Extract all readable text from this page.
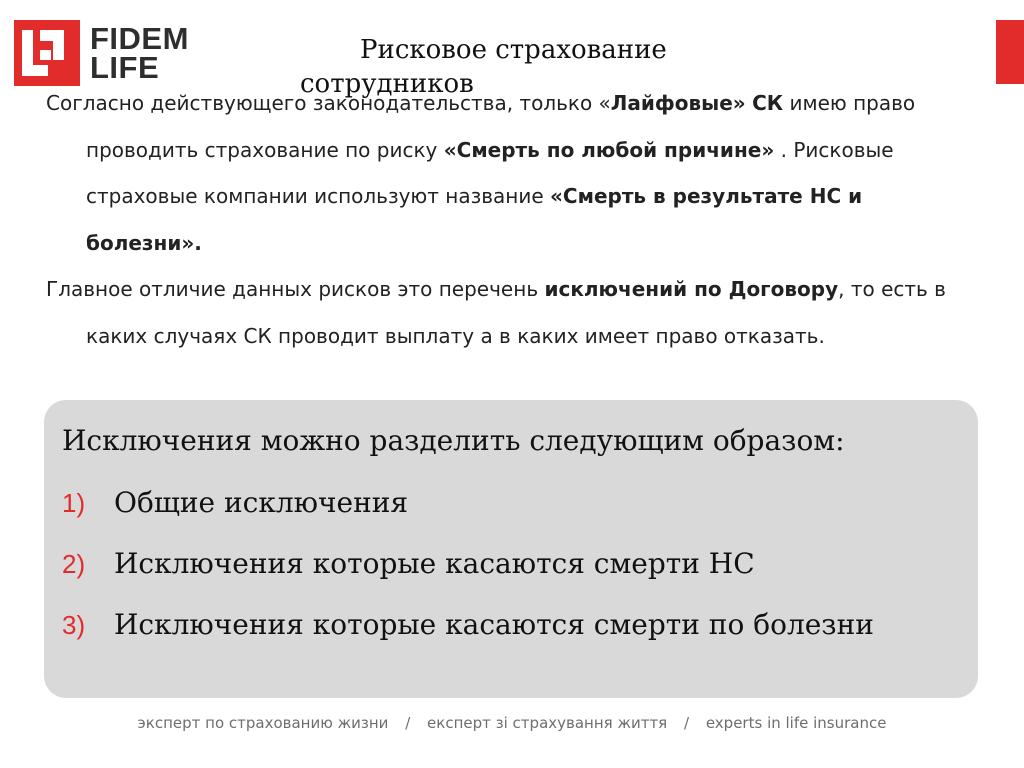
FIDEM
LIFE	Рисковое страхование
сотрудников

Согласно действующего законодательства, только «Лайфовые» СК имею право проводить страхование по риску «Смерть по любой причине» . Рисковые страховые компании используют название «Смерть в результате НС и болезни».

Главное отличие данных рисков это перечень исключений по Договору, то есть в каких случаях СК проводит выплату а в каких имеет право отказать.

Исключения можно разделить следующим образом:
1)	Общие исключения
2)	Исключения которые касаются смерти НС
3)	Исключения которые касаются смерти по болезни
эксперт по страхованию жизни / експерт зі страхування життя / experts in life insurance
